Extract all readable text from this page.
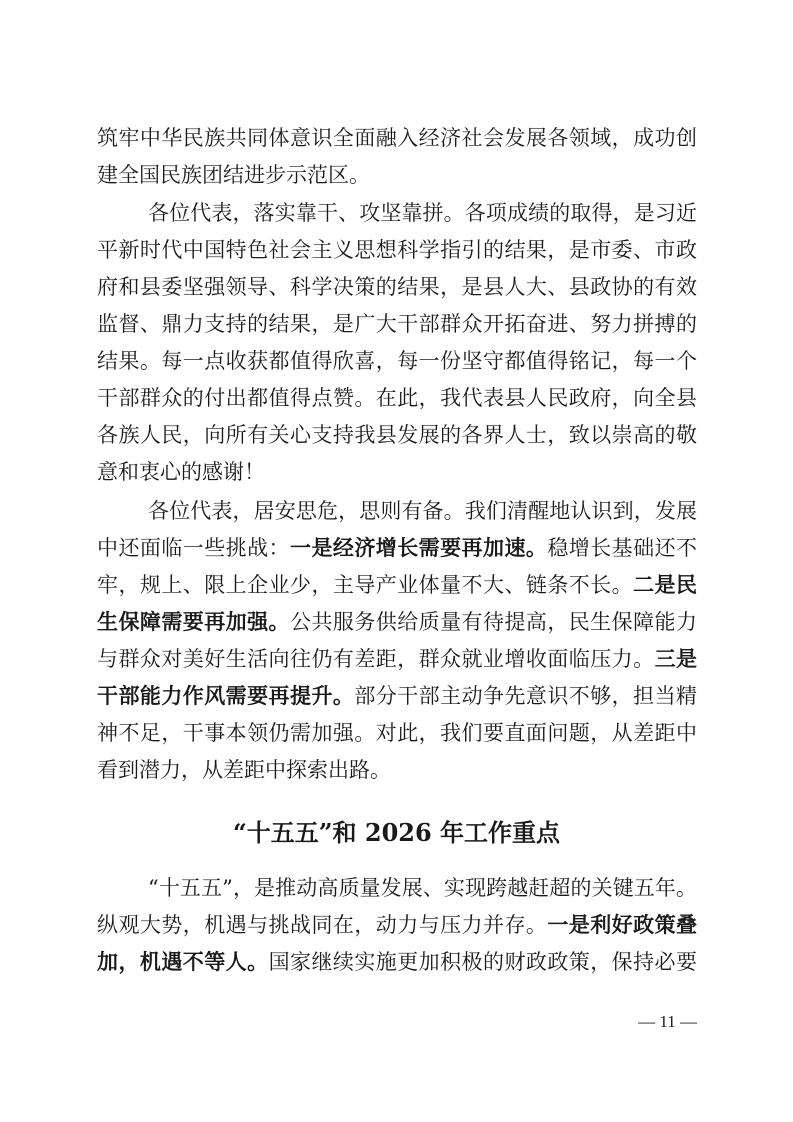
筑牢中华民族共同体意识全面融入经济社会发展各领域，成功创
建全国民族团结进步示范区。
各位代表，落实靠干、攻坚靠拼。各项成绩的取得，是习近
平新时代中国特色社会主义思想科学指引的结果，是市委、市政
府和县委坚强领导、科学决策的结果，是县人大、县政协的有效
监督、鼎力支持的结果，是广大干部群众开拓奋进、努力拼搏的
结果。每一点收获都值得欣喜，每一份坚守都值得铭记，每一个
干部群众的付出都值得点赞。在此，我代表县人民政府，向全县
各族人民，向所有关心支持我县发展的各界人士，致以崇高的敬
意和衷心的感谢！
各位代表，居安思危，思则有备。我们清醒地认识到，发展
中还面临一些挑战：一是经济增长需要再加速。稳增长基础还不
牢，规上、限上企业少，主导产业体量不大、链条不长。二是民
生保障需要再加强。公共服务供给质量有待提高，民生保障能力
与群众对美好生活向往仍有差距，群众就业增收面临压力。三是
干部能力作风需要再提升。部分干部主动争先意识不够，担当精
神不足，干事本领仍需加强。对此，我们要直面问题，从差距中
看到潜力，从差距中探索出路。
“十五五”和 2026 年工作重点
“十五五”，是推动高质量发展、实现跨越赶超的关键五年。
纵观大势，机遇与挑战同在，动力与压力并存。一是利好政策叠
加，机遇不等人。国家继续实施更加积极的财政政策，保持必要
— 11 —
